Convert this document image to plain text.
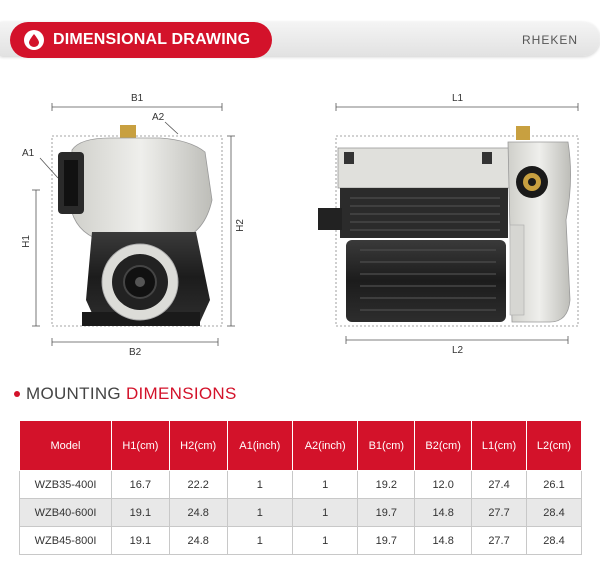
DIMENSIONAL DRAWING	RHEKEN
B1
A2
A1
H1
H2
B2
L1
L2
MOUNTING DIMENSIONS
Model	H1(cm)	H2(cm)	A1(inch)	A2(inch)	B1(cm)	B2(cm)	L1(cm)	L2(cm)
WZB35-400I	16.7	22.2	1	1	19.2	12.0	27.4	26.1
WZB40-600I	19.1	24.8	1	1	19.7	14.8	27.7	28.4
WZB45-800I	19.1	24.8	1	1	19.7	14.8	27.7	28.4
